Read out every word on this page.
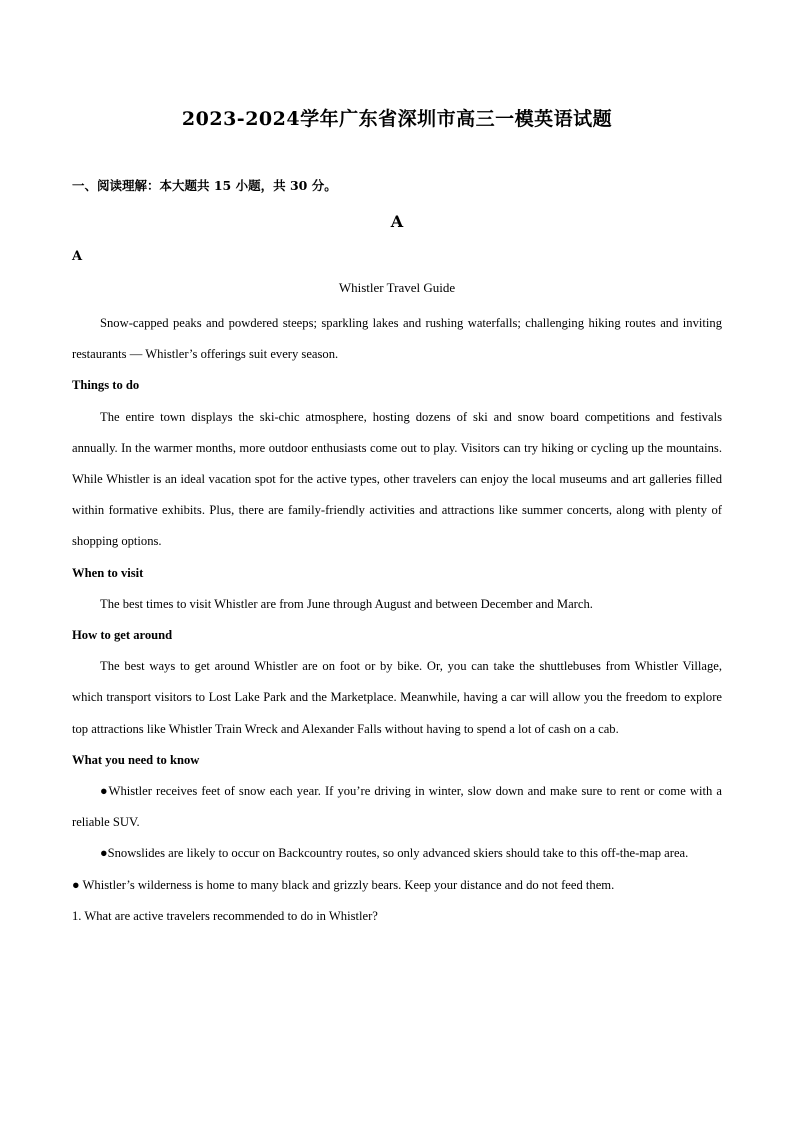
2023-2024学年广东省深圳市高三一模英语试题
一、阅读理解：本大题共 15 小题，共 30 分。
A
A
Whistler Travel Guide

Snow-capped peaks and powdered steeps; sparkling lakes and rushing waterfalls; challenging hiking routes and inviting restaurants — Whistler’s offerings suit every season.

Things to do

The entire town displays the ski-chic atmosphere, hosting dozens of ski and snow board competitions and festivals annually. In the warmer months, more outdoor enthusiasts come out to play. Visitors can try hiking or cycling up the mountains. While Whistler is an ideal vacation spot for the active types, other travelers can enjoy the local museums and art galleries filled within formative exhibits. Plus, there are family-friendly activities and attractions like summer concerts, along with plenty of shopping options.

When to visit

The best times to visit Whistler are from June through August and between December and March.

How to get around

The best ways to get around Whistler are on foot or by bike. Or, you can take the shuttlebuses from Whistler Village, which transport visitors to Lost Lake Park and the Marketplace. Meanwhile, having a car will allow you the freedom to explore top attractions like Whistler Train Wreck and Alexander Falls without having to spend a lot of cash on a cab.

What you need to know

●Whistler receives feet of snow each year. If you’re driving in winter, slow down and make sure to rent or come with a reliable SUV.

●Snowslides are likely to occur on Backcountry routes, so only advanced skiers should take to this off-the-map area.

● Whistler’s wilderness is home to many black and grizzly bears. Keep your distance and do not feed them.

1. What are active travelers recommended to do in Whistler?
